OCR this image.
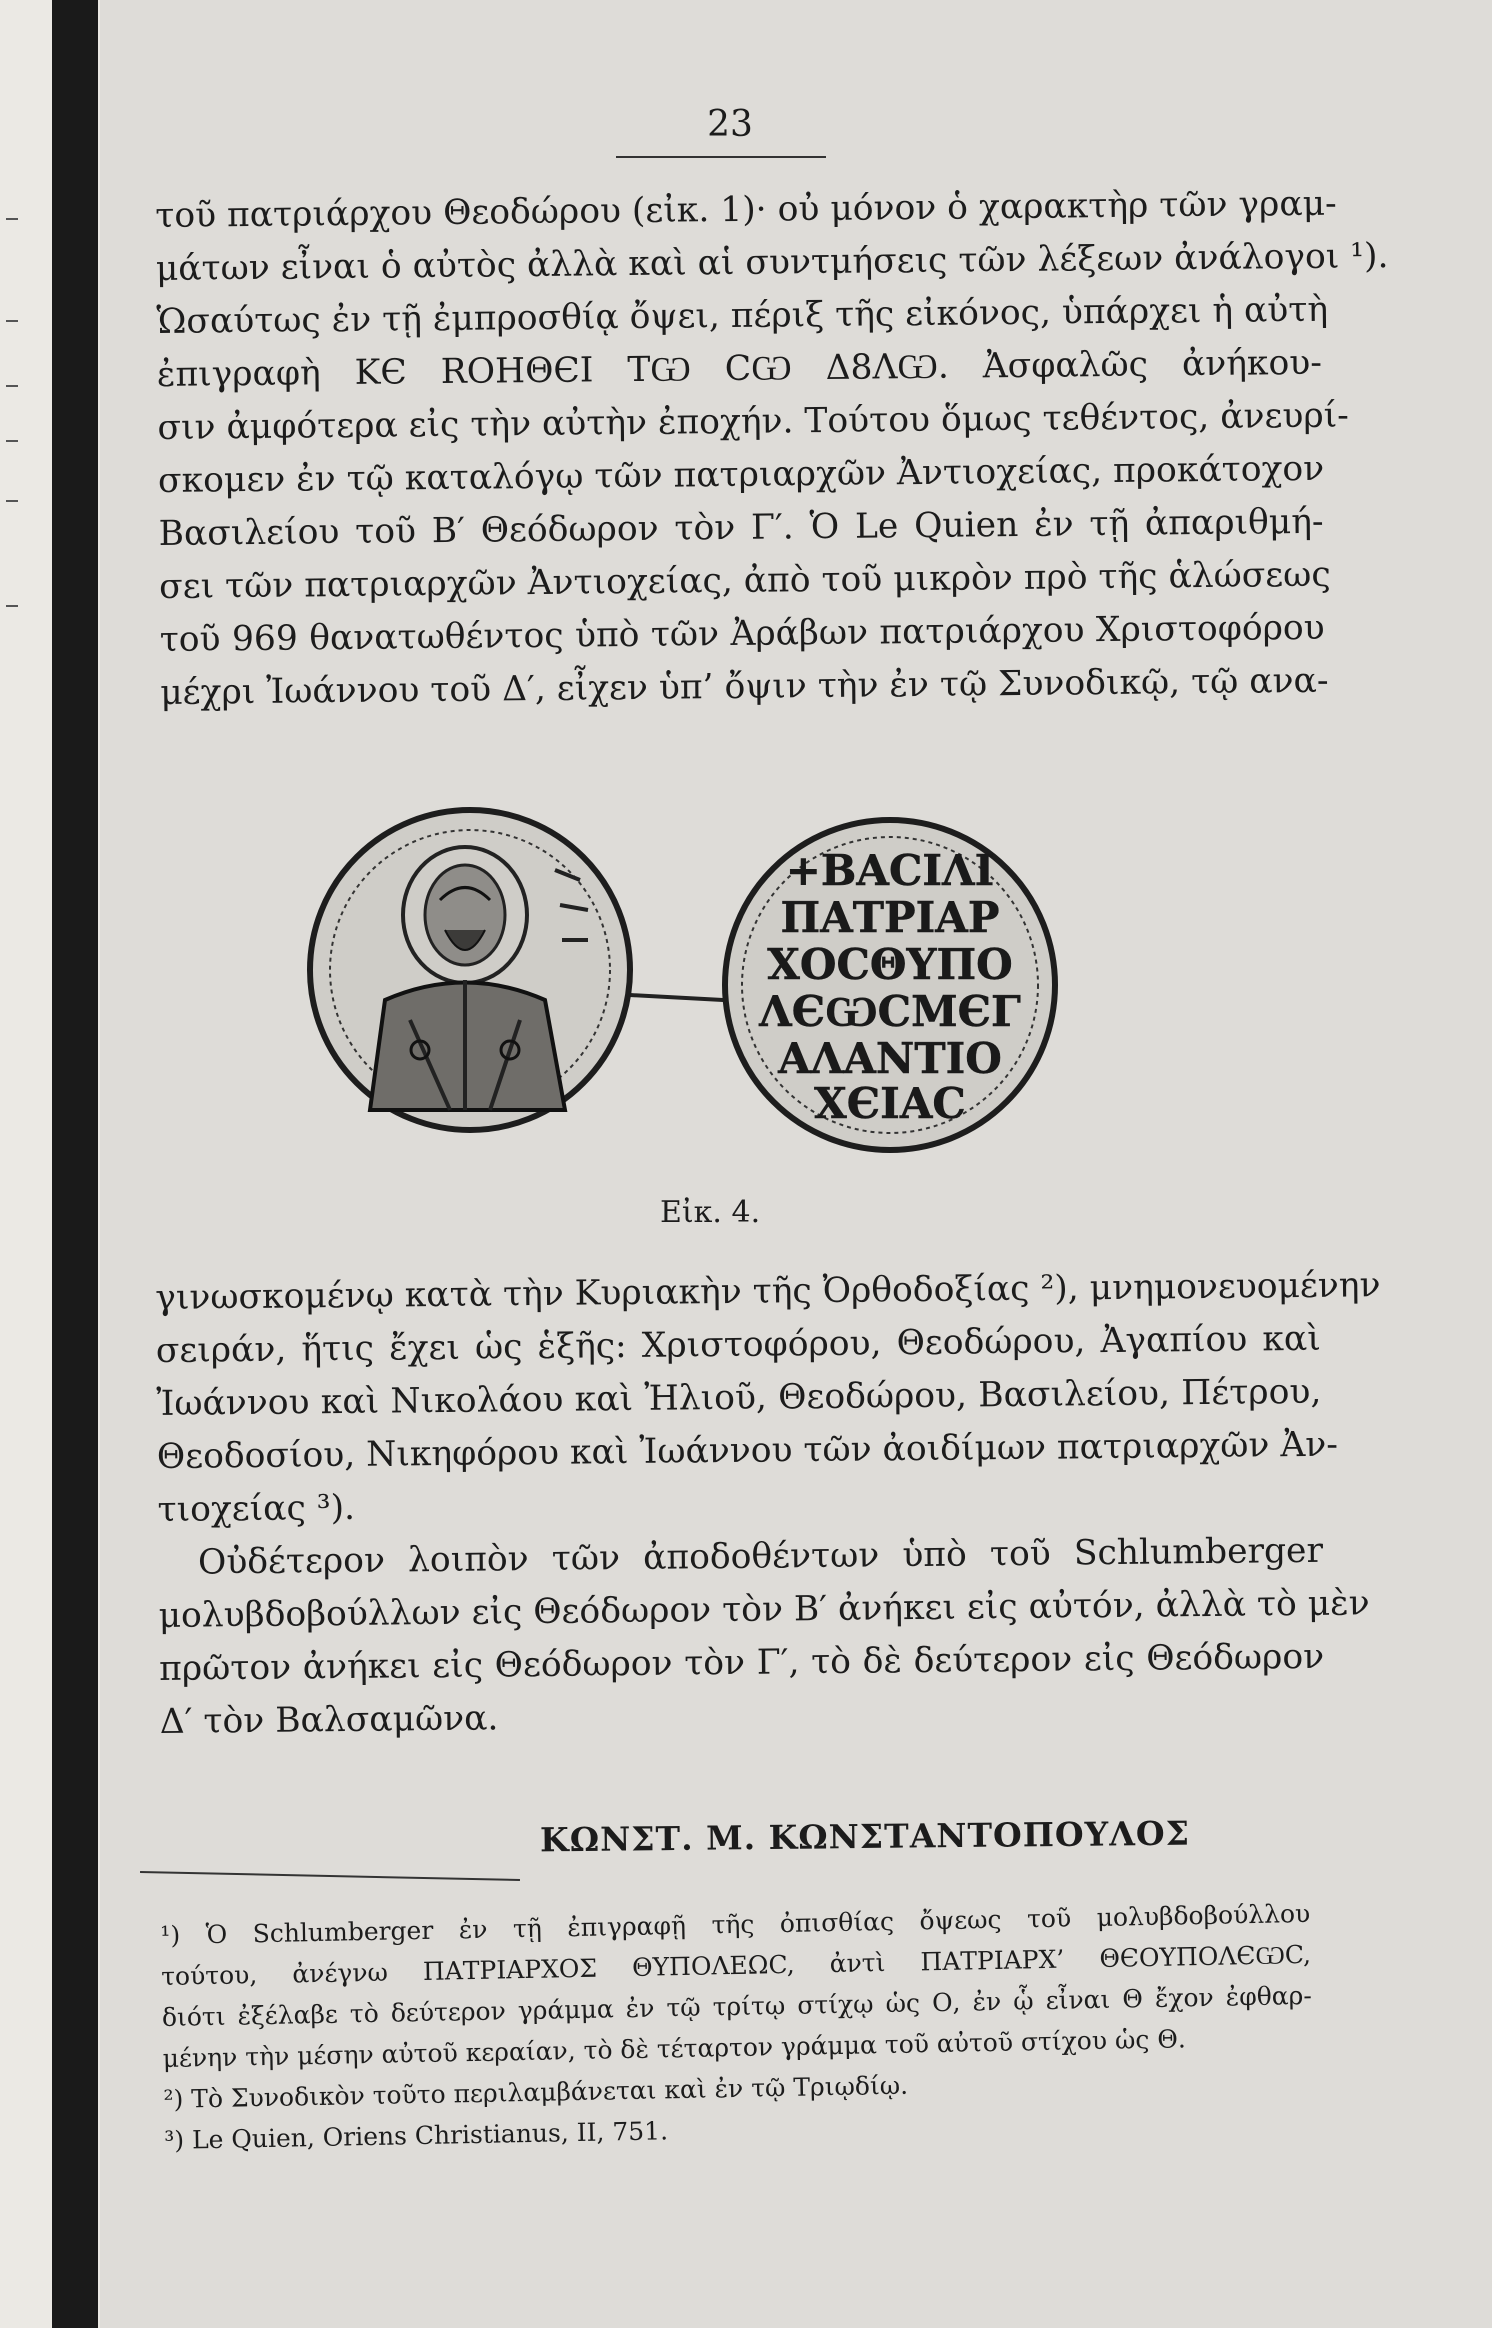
23
τοῦ πατριάρχου Θεοδώρου (εἰκ. 1)· οὐ μόνον ὁ χαρακτὴρ τῶν γραμ-
μάτων εἶναι ὁ αὐτὸς ἀλλὰ καὶ αἱ συντμήσεις τῶν λέξεων ἀνάλογοι ¹).
Ὡσαύτως ἐν τῇ ἐμπροσθίᾳ ὄψει, πέριξ τῆς εἰκόνος, ὑπάρχει ἡ αὐτὴ
ἐπιγραφὴ ΚЄ ROHΘЄΙ ΤѠ CѠ Δ8ΛѠ. Ἀσφαλῶς ἀνήκου-
σιν ἀμφότερα εἰς τὴν αὐτὴν ἐποχήν. Τούτου ὅμως τεθέντος, ἀνευρί-
σκομεν ἐν τῷ καταλόγῳ τῶν πατριαρχῶν Ἀντιοχείας, προκάτοχον
Βασιλείου τοῦ Β′ Θεόδωρον τὸν Γ′. Ὁ Le Quien ἐν τῇ ἀπαριθμή-
σει τῶν πατριαρχῶν Ἀντιοχείας, ἀπὸ τοῦ μικρὸν πρὸ τῆς ἁλώσεως
τοῦ 969 θανατωθέντος ὑπὸ τῶν Ἀράβων πατριάρχου Χριστοφόρου
μέχρι Ἰωάννου τοῦ Δ′, εἶχεν ὑπ’ ὄψιν τὴν ἐν τῷ Συνοδικῷ, τῷ ανα-
+ΒΑCΙΛΙ
ΠΑΤΡΙΑΡ
ΧΟCΘΥΠΟ
ΛЄѠCΜЄΓ
ΑΛΑΝΤΙΟ
ΧЄΙΑC
Εἰκ. 4.
γινωσκομένῳ κατὰ τὴν Κυριακὴν τῆς Ὀρθοδοξίας ²), μνημονευομένην
σειράν, ἥτις ἔχει ὡς ἑξῆς: Χριστοφόρου, Θεοδώρου, Ἀγαπίου καὶ
Ἰωάννου καὶ Νικολάου καὶ Ἠλιοῦ, Θεοδώρου, Βασιλείου, Πέτρου,
Θεοδοσίου, Νικηφόρου καὶ Ἰωάννου τῶν ἀοιδίμων πατριαρχῶν Ἀν-
τιοχείας ³).
Οὐδέτερον λοιπὸν τῶν ἀποδοθέντων ὑπὸ τοῦ Schlumberger
μολυβδοβούλλων εἰς Θεόδωρον τὸν Β′ ἀνήκει εἰς αὐτόν, ἀλλὰ τὸ μὲν
πρῶτον ἀνήκει εἰς Θεόδωρον τὸν Γ′, τὸ δὲ δεύτερον εἰς Θεόδωρον
Δ′ τὸν Βαλσαμῶνα.
ΚΩΝΣΤ. Μ. ΚΩΝΣΤΑΝΤΟΠΟΥΛΟΣ
¹) Ὁ Schlumberger ἐν τῇ ἐπιγραφῇ τῆς ὀπισθίας ὄψεως τοῦ μολυβδοβούλλου
τούτου, ἀνέγνω ΠΑΤΡΙΑΡΧΟΣ ΘΥΠΟΛΕΩC, ἀντὶ ΠΑΤΡΙΑΡΧ’ ΘЄΟΥΠΟΛЄѠC,
διότι ἐξέλαβε τὸ δεύτερον γράμμα ἐν τῷ τρίτῳ στίχῳ ὡς Ο, ἐν ᾧ εἶναι Θ ἔχον ἐφθαρ-
μένην τὴν μέσην αὐτοῦ κεραίαν, τὸ δὲ τέταρτον γράμμα τοῦ αὐτοῦ στίχου ὡς Θ.
²) Τὸ Συνοδικὸν τοῦτο περιλαμβάνεται καὶ ἐν τῷ Τριῳδίῳ.
³) Le Quien, Oriens Christianus, II, 751.
